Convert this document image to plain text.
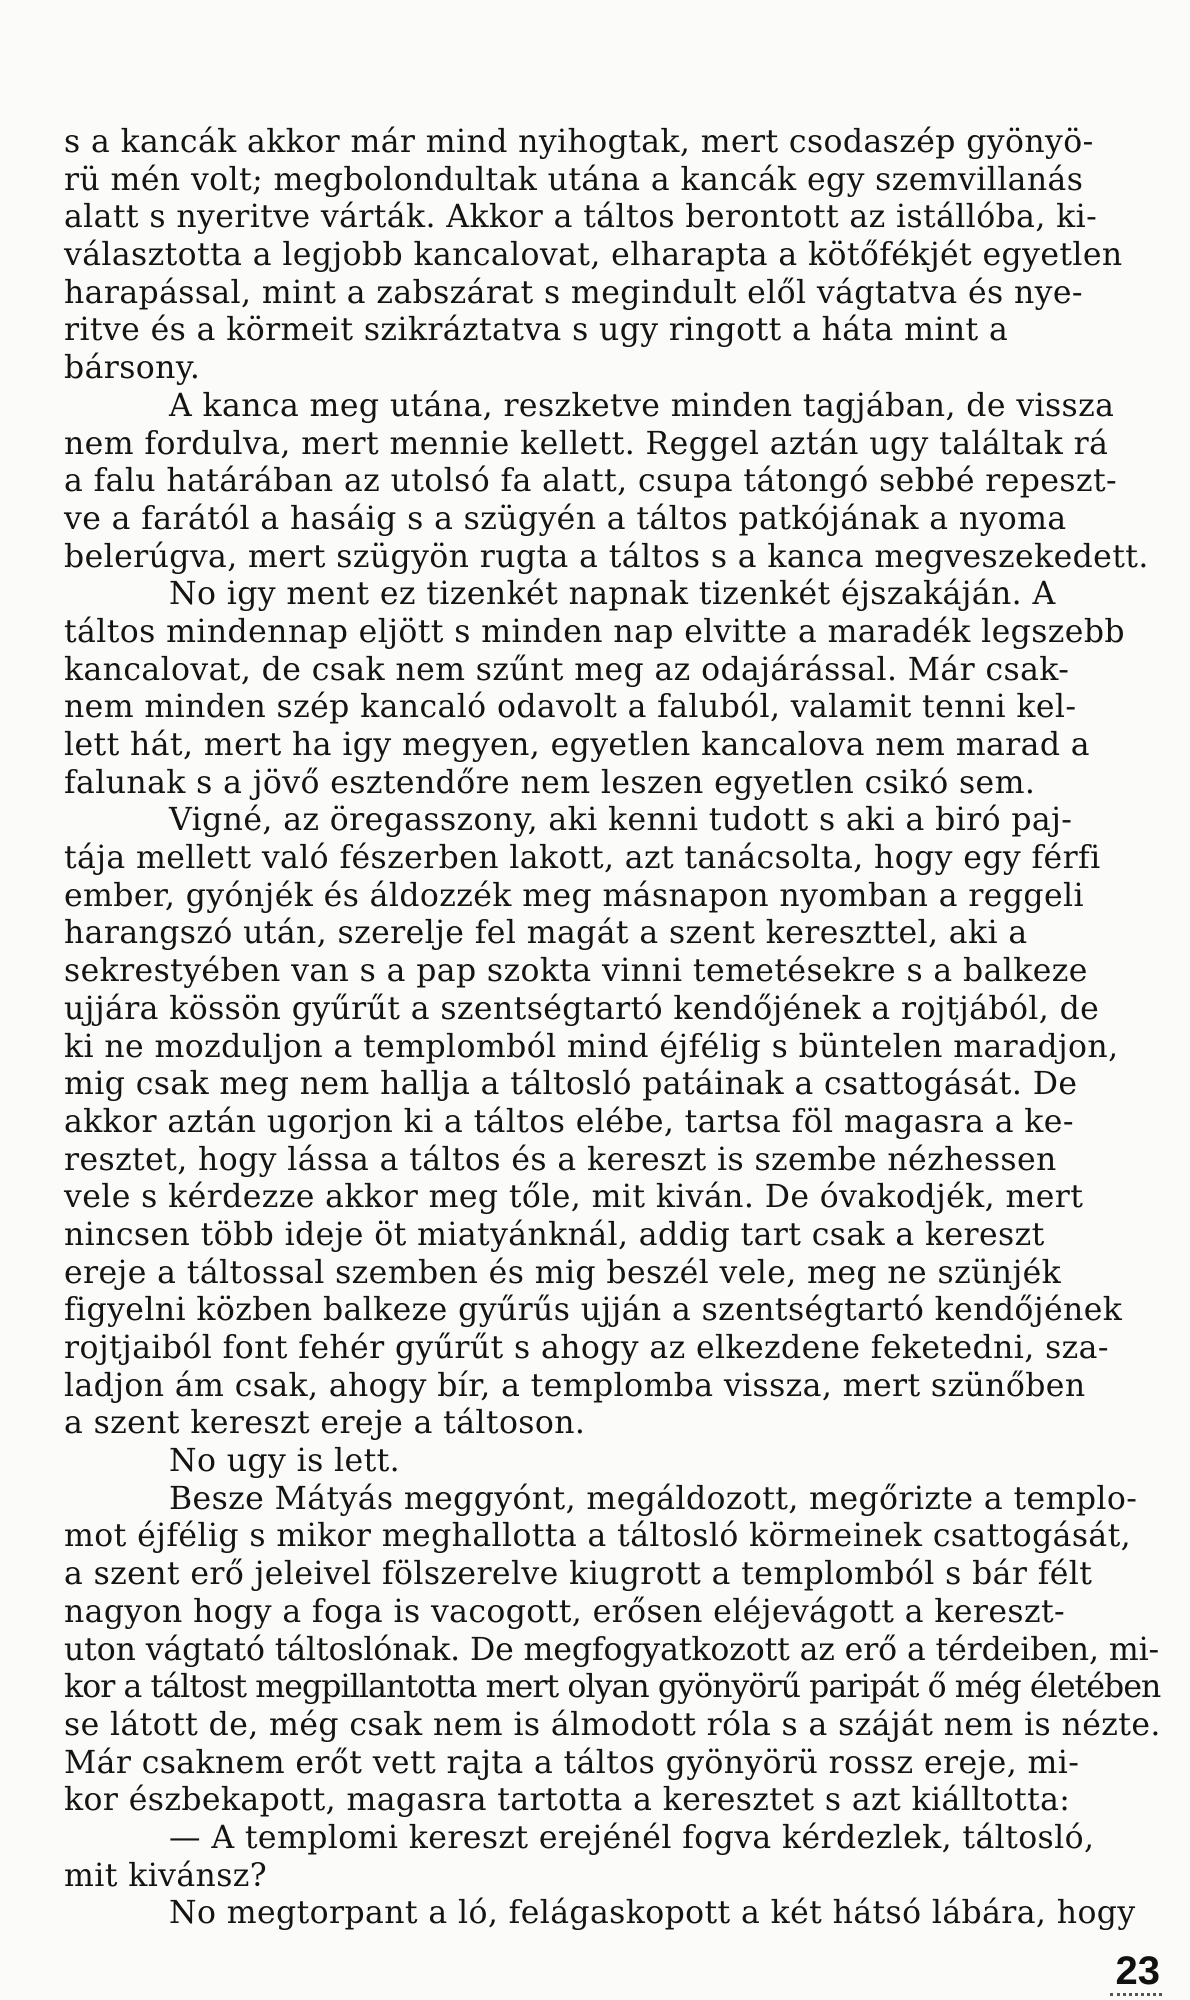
s a kancák akkor már mind nyihogtak, mert csodaszép gyönyö-
rü mén volt; megbolondultak utána a kancák egy szemvillanás
alatt s nyeritve várták. Akkor a táltos berontott az istállóba, ki-
választotta a legjobb kancalovat, elharapta a kötőfékjét egyetlen
harapással, mint a zabszárat s megindult elől vágtatva és nye-
ritve és a körmeit szikráztatva s ugy ringott a háta mint a
bársony.
A kanca meg utána, reszketve minden tagjában, de vissza
nem fordulva, mert mennie kellett. Reggel aztán ugy találtak rá
a falu határában az utolsó fa alatt, csupa tátongó sebbé repeszt-
ve a farától a hasáig s a szügyén a táltos patkójának a nyoma
belerúgva, mert szügyön rugta a táltos s a kanca megveszekedett.
No igy ment ez tizenkét napnak tizenkét éjszakáján. A
táltos mindennap eljött s minden nap elvitte a maradék legszebb
kancalovat, de csak nem szűnt meg az odajárással. Már csak-
nem minden szép kancaló odavolt a faluból, valamit tenni kel-
lett hát, mert ha igy megyen, egyetlen kancalova nem marad a
falunak s a jövő esztendőre nem leszen egyetlen csikó sem.
Vigné, az öregasszony, aki kenni tudott s aki a biró paj-
tája mellett való fészerben lakott, azt tanácsolta, hogy egy férfi
ember, gyónjék és áldozzék meg másnapon nyomban a reggeli
harangszó után, szerelje fel magát a szent kereszttel, aki a
sekrestyében van s a pap szokta vinni temetésekre s a balkeze
ujjára kössön gyűrűt a szentségtartó kendőjének a rojtjából, de
ki ne mozduljon a templomból mind éjfélig s büntelen maradjon,
mig csak meg nem hallja a táltosló patáinak a csattogását. De
akkor aztán ugorjon ki a táltos elébe, tartsa föl magasra a ke-
resztet, hogy lássa a táltos és a kereszt is szembe nézhessen
vele s kérdezze akkor meg tőle, mit kiván. De óvakodjék, mert
nincsen több ideje öt miatyánknál, addig tart csak a kereszt
ereje a táltossal szemben és mig beszél vele, meg ne szünjék
figyelni közben balkeze gyűrűs ujján a szentségtartó kendőjének
rojtjaiból font fehér gyűrűt s ahogy az elkezdene feketedni, sza-
ladjon ám csak, ahogy bír, a templomba vissza, mert szünőben
a szent kereszt ereje a táltoson.
No ugy is lett.
Besze Mátyás meggyónt, megáldozott, megőrizte a templo-
mot éjfélig s mikor meghallotta a táltosló körmeinek csattogását,
a szent erő jeleivel fölszerelve kiugrott a templomból s bár félt
nagyon hogy a foga is vacogott, erősen eléjevágott a kereszt-
uton vágtató táltoslónak. De megfogyatkozott az erő a térdeiben, mi-
kor a táltost megpillantotta mert olyan gyönyörű paripát ő még életében
se látott de, még csak nem is álmodott róla s a száját nem is nézte.
Már csaknem erőt vett rajta a táltos gyönyörü rossz ereje, mi-
kor észbekapott, magasra tartotta a keresztet s azt kiálltotta:
— A templomi kereszt erejénél fogva kérdezlek, táltosló,
mit kivánsz?
No megtorpant a ló, felágaskopott a két hátsó lábára, hogy
23
